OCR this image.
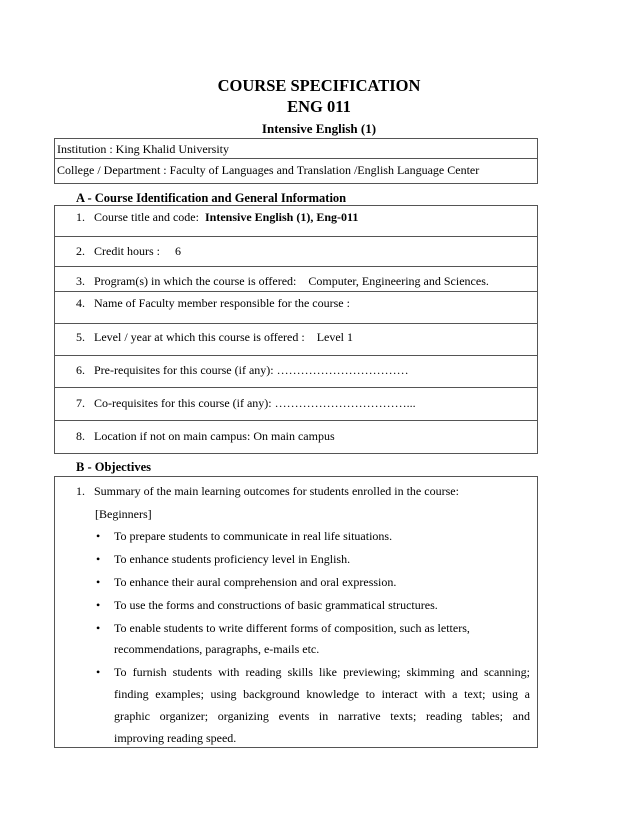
COURSE SPECIFICATION
ENG 011
Intensive English (1)
Institution : King Khalid University
College / Department : Faculty of Languages and Translation /English Language Center
A - Course Identification and General Information
1. Course title and code:  Intensive English (1), Eng-011
2. Credit hours :     6
3. Program(s) in which the course is offered:    Computer, Engineering and Sciences.
4. Name of Faculty member responsible for the course :
5. Level / year at which this course is offered :    Level 1
6. Pre-requisites for this course (if any): ……………………………
7. Co-requisites for this course (if any): ……………………………...
8. Location if not on main campus: On main campus
B - Objectives
1. Summary of the main learning outcomes for students enrolled in the course:
[Beginners]
• To prepare students to communicate in real life situations.
• To enhance students proficiency level in English.
• To enhance their aural comprehension and oral expression.
• To use the forms and constructions of basic grammatical structures.
• To enable students to write different forms of composition, such as letters,
recommendations, paragraphs, e-mails etc.
• To furnish students with reading skills like previewing; skimming and scanning;
finding examples; using background knowledge to interact with a text; using a
graphic organizer; organizing events in narrative texts; reading tables; and
improving reading speed.
